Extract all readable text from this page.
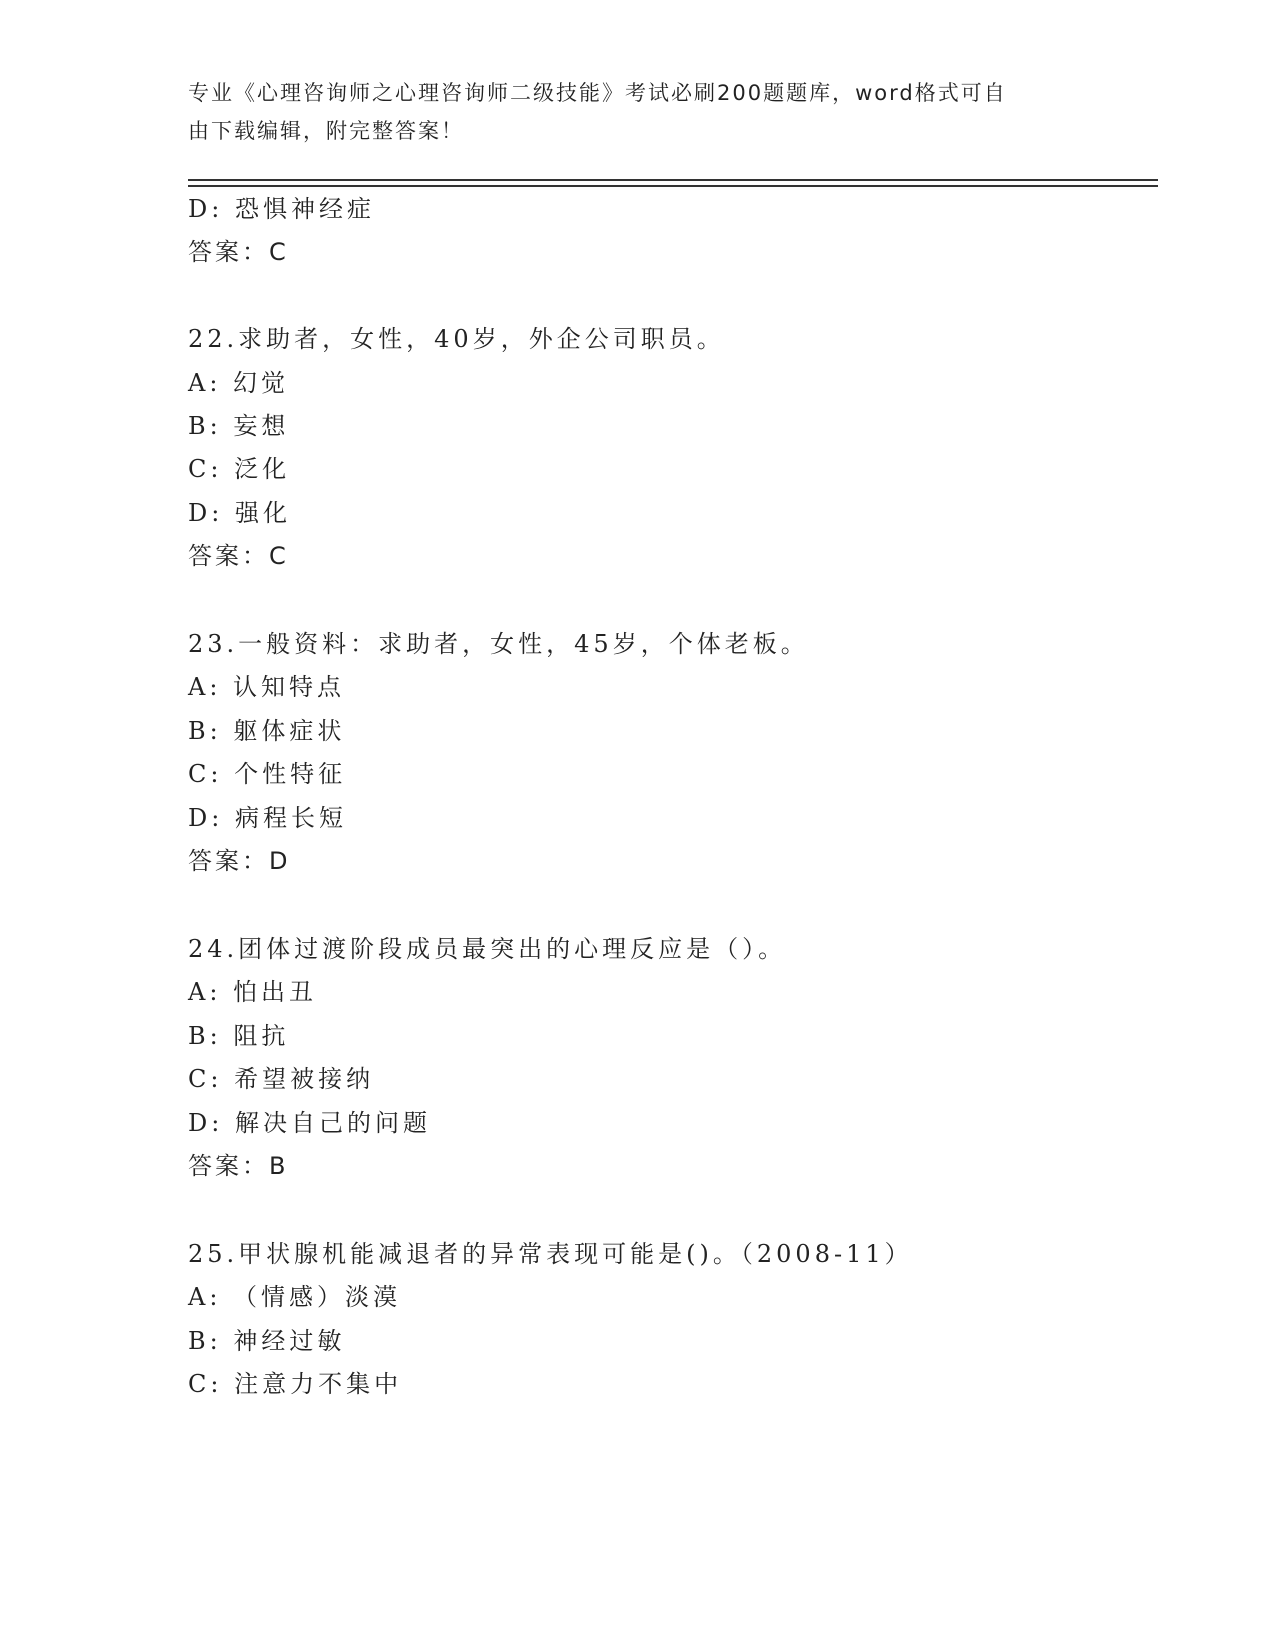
专业《心理咨询师之心理咨询师二级技能》考试必刷200题题库，word格式可自
由下载编辑，附完整答案！
D: 恐惧神经症
答案：C
22.求助者，女性，40岁，外企公司职员。
A: 幻觉
B: 妄想
C: 泛化
D: 强化
答案：C
23.一般资料：求助者，女性，45岁，个体老板。
A: 认知特点
B: 躯体症状
C: 个性特征
D: 病程长短
答案：D
24.团体过渡阶段成员最突出的心理反应是（）。
A: 怕出丑
B: 阻抗
C: 希望被接纳
D: 解决自己的问题
答案：B
25.甲状腺机能减退者的异常表现可能是()。（2008-11）
A: （情感）淡漠
B: 神经过敏
C: 注意力不集中
